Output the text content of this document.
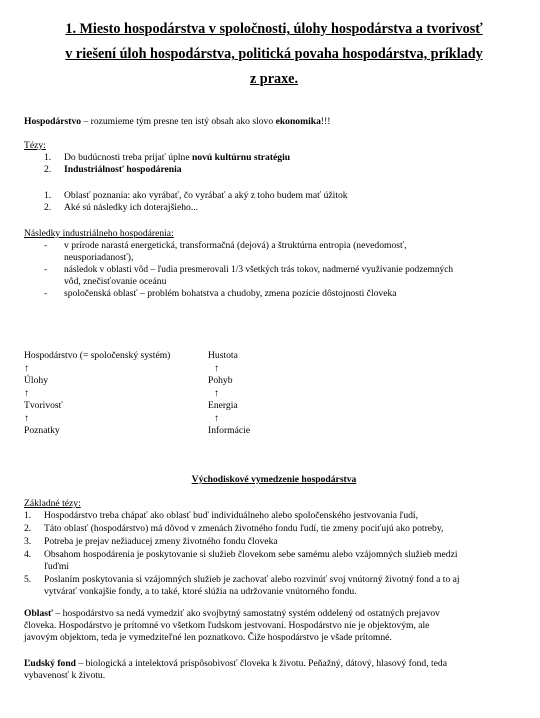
1. Miesto hospodárstva v spoločnosti, úlohy hospodárstva a tvorivosť
v riešení úloh hospodárstva, politická povaha hospodárstva, príklady
z praxe.
Hospodárstvo – rozumieme tým presne ten istý obsah ako slovo ekonomika!!!
Tézy:
1. Do budúcnosti treba prijať úplne novú kultúrnu stratégiu
2. Industriálnosť hospodárenia
1. Oblasť poznania: ako vyrábať, čo vyrábať a aký z toho budem mať úžitok
2. Aké sú následky ich doterajšieho...
Následky industriálneho hospodárenia:
- v prírode narastá energetická, transformačná (dejová) a štruktúrna entropia (nevedomosť,
neusporiadanosť),
- následok v oblasti vôd – ľudia presmerovali 1/3 všetkých trás tokov, nadmerné využívanie podzemných
vôd, znečisťovanie oceánu
- spoločenská oblasť – problém bohatstva a chudoby, zmena pozície dôstojnosti človeka
Hospodárstvo (= spoločenský systém)	Hustota
↑	↑
Úlohy	Pohyb
↑	↑
Tvorivosť	Energia
↑	↑
Poznatky	Informácie
Východiskové vymedzenie hospodárstva
Základné tézy:
1. Hospodárstvo treba chápať ako oblasť buď individuálneho alebo spoločenského jestvovania ľudí,
2. Táto oblasť (hospodárstvo) má dôvod v zmenách životného fondu ľudí, tie zmeny pociťujú ako potreby,
3. Potreba je prejav nežiaducej zmeny životného fondu človeka
4. Obsahom hospodárenia je poskytovanie si služieb človekom sebe samému alebo vzájomných služieb medzi
ľuďmi
5. Poslaním poskytovania si vzájomných služieb je zachovať alebo rozvinúť svoj vnútorný životný fond a to aj
vytvárať vonkajšie fondy, a to také, ktoré slúžia na udržovanie vnútorného fondu.
Oblasť – hospodárstvo sa nedá vymedziť ako svojbytný samostatný systém oddelený od ostatných prejavov
človeka. Hospodárstvo je prítomné vo všetkom ľudskom jestvovaní. Hospodárstvo nie je objektovým, ale
javovým objektom, teda je vymedziteľné len poznatkovo. Čiže hospodárstvo je všade prítomné.
Ľudský fond – biologická a intelektová prispôsobivosť človeka k životu. Peňažný, dátový, hlasový fond, teda
vybavenosť k životu.
